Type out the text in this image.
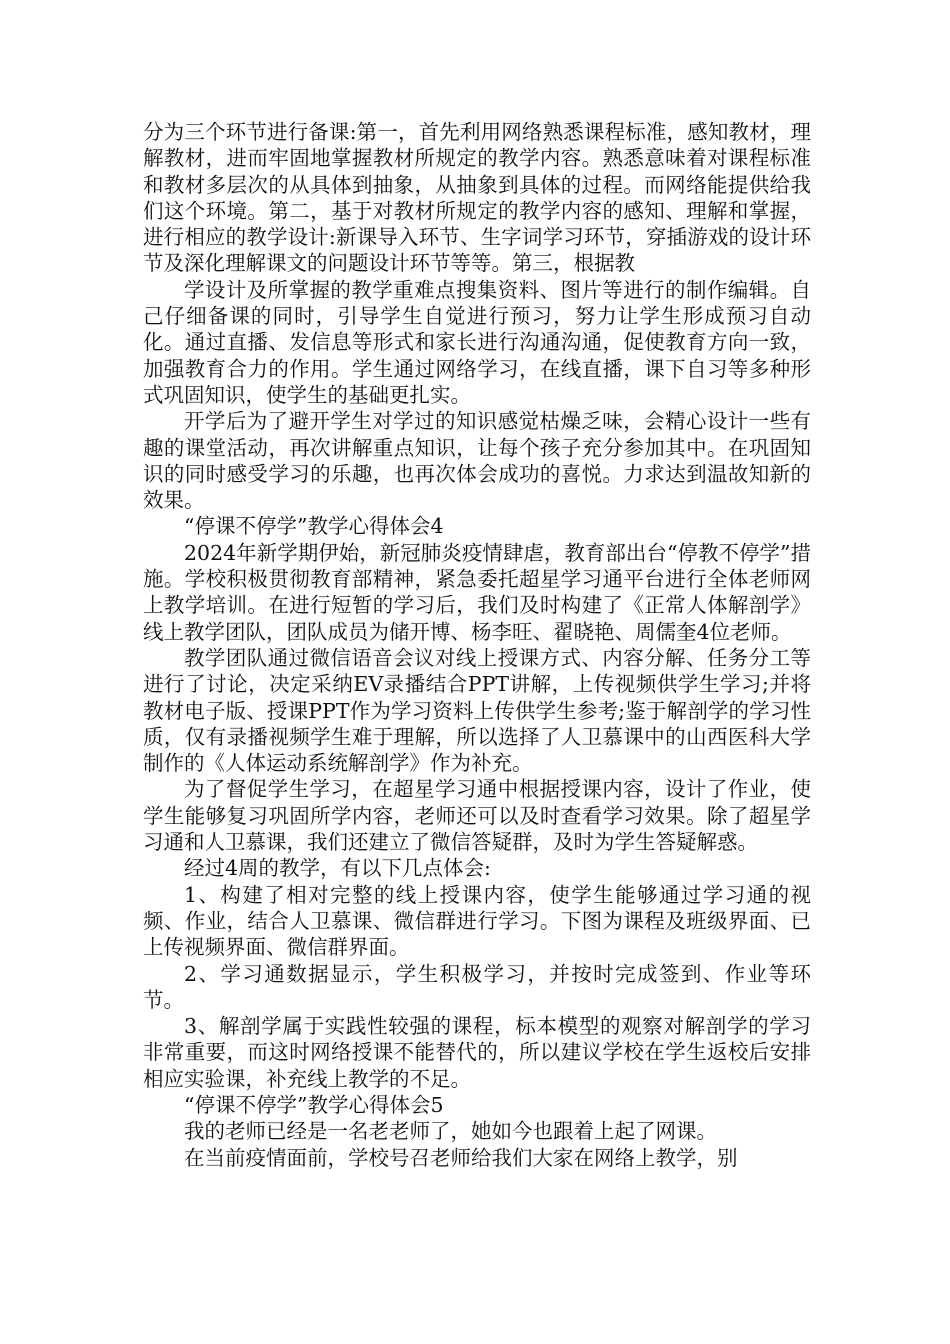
分为三个环节进行备课:第一，首先利用网络熟悉课程标准，感知教材，理解教材，进而牢固地掌握教材所规定的教学内容。熟悉意味着对课程标准和教材多层次的从具体到抽象，从抽象到具体的过程。而网络能提供给我们这个环境。第二，基于对教材所规定的教学内容的感知、理解和掌握，进行相应的教学设计:新课导入环节、生字词学习环节，穿插游戏的设计环节及深化理解课文的问题设计环节等等。第三，根据教

学设计及所掌握的教学重难点搜集资料、图片等进行的制作编辑。自己仔细备课的同时，引导学生自觉进行预习，努力让学生形成预习自动化。通过直播、发信息等形式和家长进行沟通沟通，促使教育方向一致，加强教育合力的作用。学生通过网络学习，在线直播，课下自习等多种形式巩固知识，使学生的基础更扎实。

开学后为了避开学生对学过的知识感觉枯燥乏味，会精心设计一些有趣的课堂活动，再次讲解重点知识，让每个孩子充分参加其中。在巩固知识的同时感受学习的乐趣，也再次体会成功的喜悦。力求达到温故知新的效果。

“停课不停学”教学心得体会4

2024年新学期伊始，新冠肺炎疫情肆虐，教育部出台“停教不停学”措施。学校积极贯彻教育部精神，紧急委托超星学习通平台进行全体老师网上教学培训。在进行短暂的学习后，我们及时构建了《正常人体解剖学》线上教学团队，团队成员为储开博、杨李旺、翟晓艳、周儒奎4位老师。

教学团队通过微信语音会议对线上授课方式、内容分解、任务分工等进行了讨论，决定采纳EV录播结合PPT讲解，上传视频供学生学习;并将教材电子版、授课PPT作为学习资料上传供学生参考;鉴于解剖学的学习性质，仅有录播视频学生难于理解，所以选择了人卫慕课中的山西医科大学制作的《人体运动系统解剖学》作为补充。

为了督促学生学习，在超星学习通中根据授课内容，设计了作业，使学生能够复习巩固所学内容，老师还可以及时查看学习效果。除了超星学习通和人卫慕课，我们还建立了微信答疑群，及时为学生答疑解惑。

经过4周的教学，有以下几点体会:

1、构建了相对完整的线上授课内容，使学生能够通过学习通的视频、作业，结合人卫慕课、微信群进行学习。下图为课程及班级界面、已上传视频界面、微信群界面。

2、学习通数据显示，学生积极学习，并按时完成签到、作业等环节。

3、解剖学属于实践性较强的课程，标本模型的观察对解剖学的学习非常重要，而这时网络授课不能替代的，所以建议学校在学生返校后安排相应实验课，补充线上教学的不足。

“停课不停学”教学心得体会5

我的老师已经是一名老老师了，她如今也跟着上起了网课。

在当前疫情面前，学校号召老师给我们大家在网络上教学，别
